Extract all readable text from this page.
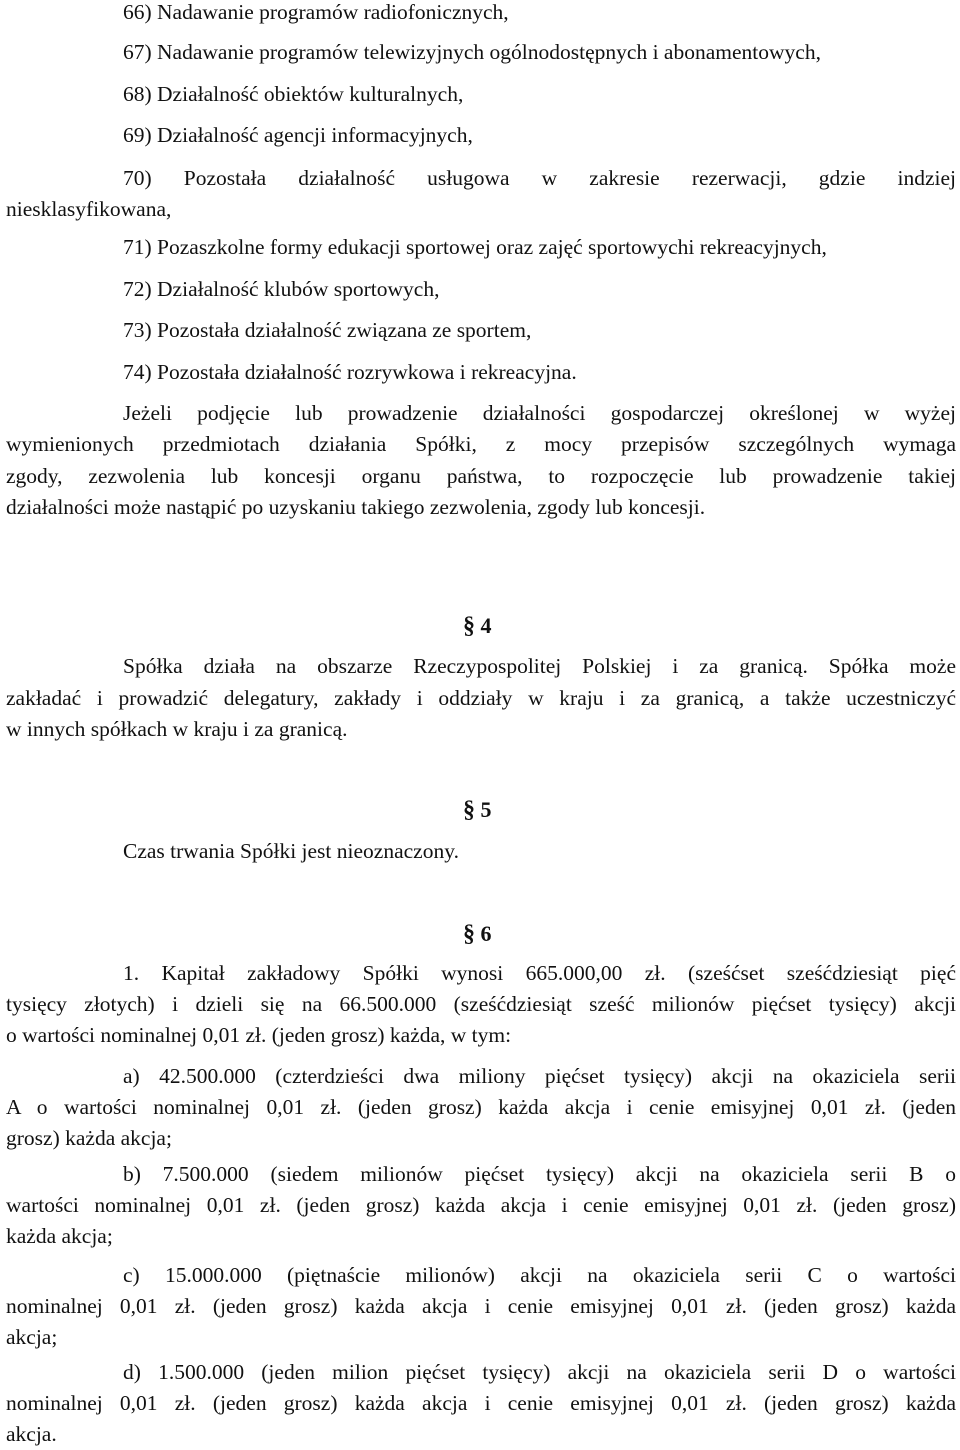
66) Nadawanie programów radiofonicznych,
67) Nadawanie programów telewizyjnych ogólnodostępnych i abonamentowych,
68) Działalność obiektów kulturalnych,
69) Działalność agencji informacyjnych,
70) Pozostała działalność usługowa w zakresie rezerwacji, gdzie indziej
niesklasyfikowana,
71) Pozaszkolne formy edukacji sportowej oraz zajęć sportowychi rekreacyjnych,
72) Działalność klubów sportowych,
73) Pozostała działalność związana ze sportem,
74) Pozostała działalność rozrywkowa i rekreacyjna.
Jeżeli podjęcie lub prowadzenie działalności gospodarczej określonej w wyżej
wymienionych przedmiotach działania Spółki, z mocy przepisów szczególnych wymaga
zgody, zezwolenia lub koncesji organu państwa, to rozpoczęcie lub prowadzenie takiej
działalności może nastąpić po uzyskaniu takiego zezwolenia, zgody lub koncesji.
§ 4
Spółka działa na obszarze Rzeczypospolitej Polskiej i za granicą. Spółka może
zakładać i prowadzić delegatury, zakłady i oddziały w kraju i za granicą, a także uczestniczyć
w innych spółkach w kraju i za granicą.
§ 5
Czas trwania Spółki jest nieoznaczony.
§ 6
1. Kapitał zakładowy Spółki wynosi 665.000,00 zł. (sześćset sześćdziesiąt pięć
tysięcy złotych) i dzieli się na 66.500.000 (sześćdziesiąt sześć milionów pięćset tysięcy) akcji
o wartości nominalnej 0,01 zł. (jeden grosz) każda, w tym:
a) 42.500.000 (czterdzieści dwa miliony pięćset tysięcy) akcji na okaziciela serii
A o wartości nominalnej 0,01 zł. (jeden grosz) każda akcja i cenie emisyjnej 0,01 zł. (jeden
grosz) każda akcja;
b) 7.500.000 (siedem milionów pięćset tysięcy) akcji na okaziciela serii B o
wartości nominalnej 0,01 zł. (jeden grosz) każda akcja i cenie emisyjnej 0,01 zł. (jeden grosz)
każda akcja;
c) 15.000.000 (piętnaście milionów) akcji na okaziciela serii C o wartości
nominalnej 0,01 zł. (jeden grosz) każda akcja i cenie emisyjnej 0,01 zł. (jeden grosz) każda
akcja;
d) 1.500.000 (jeden milion pięćset tysięcy) akcji na okaziciela serii D o wartości
nominalnej 0,01 zł. (jeden grosz) każda akcja i cenie emisyjnej 0,01 zł. (jeden grosz) każda
akcja.
